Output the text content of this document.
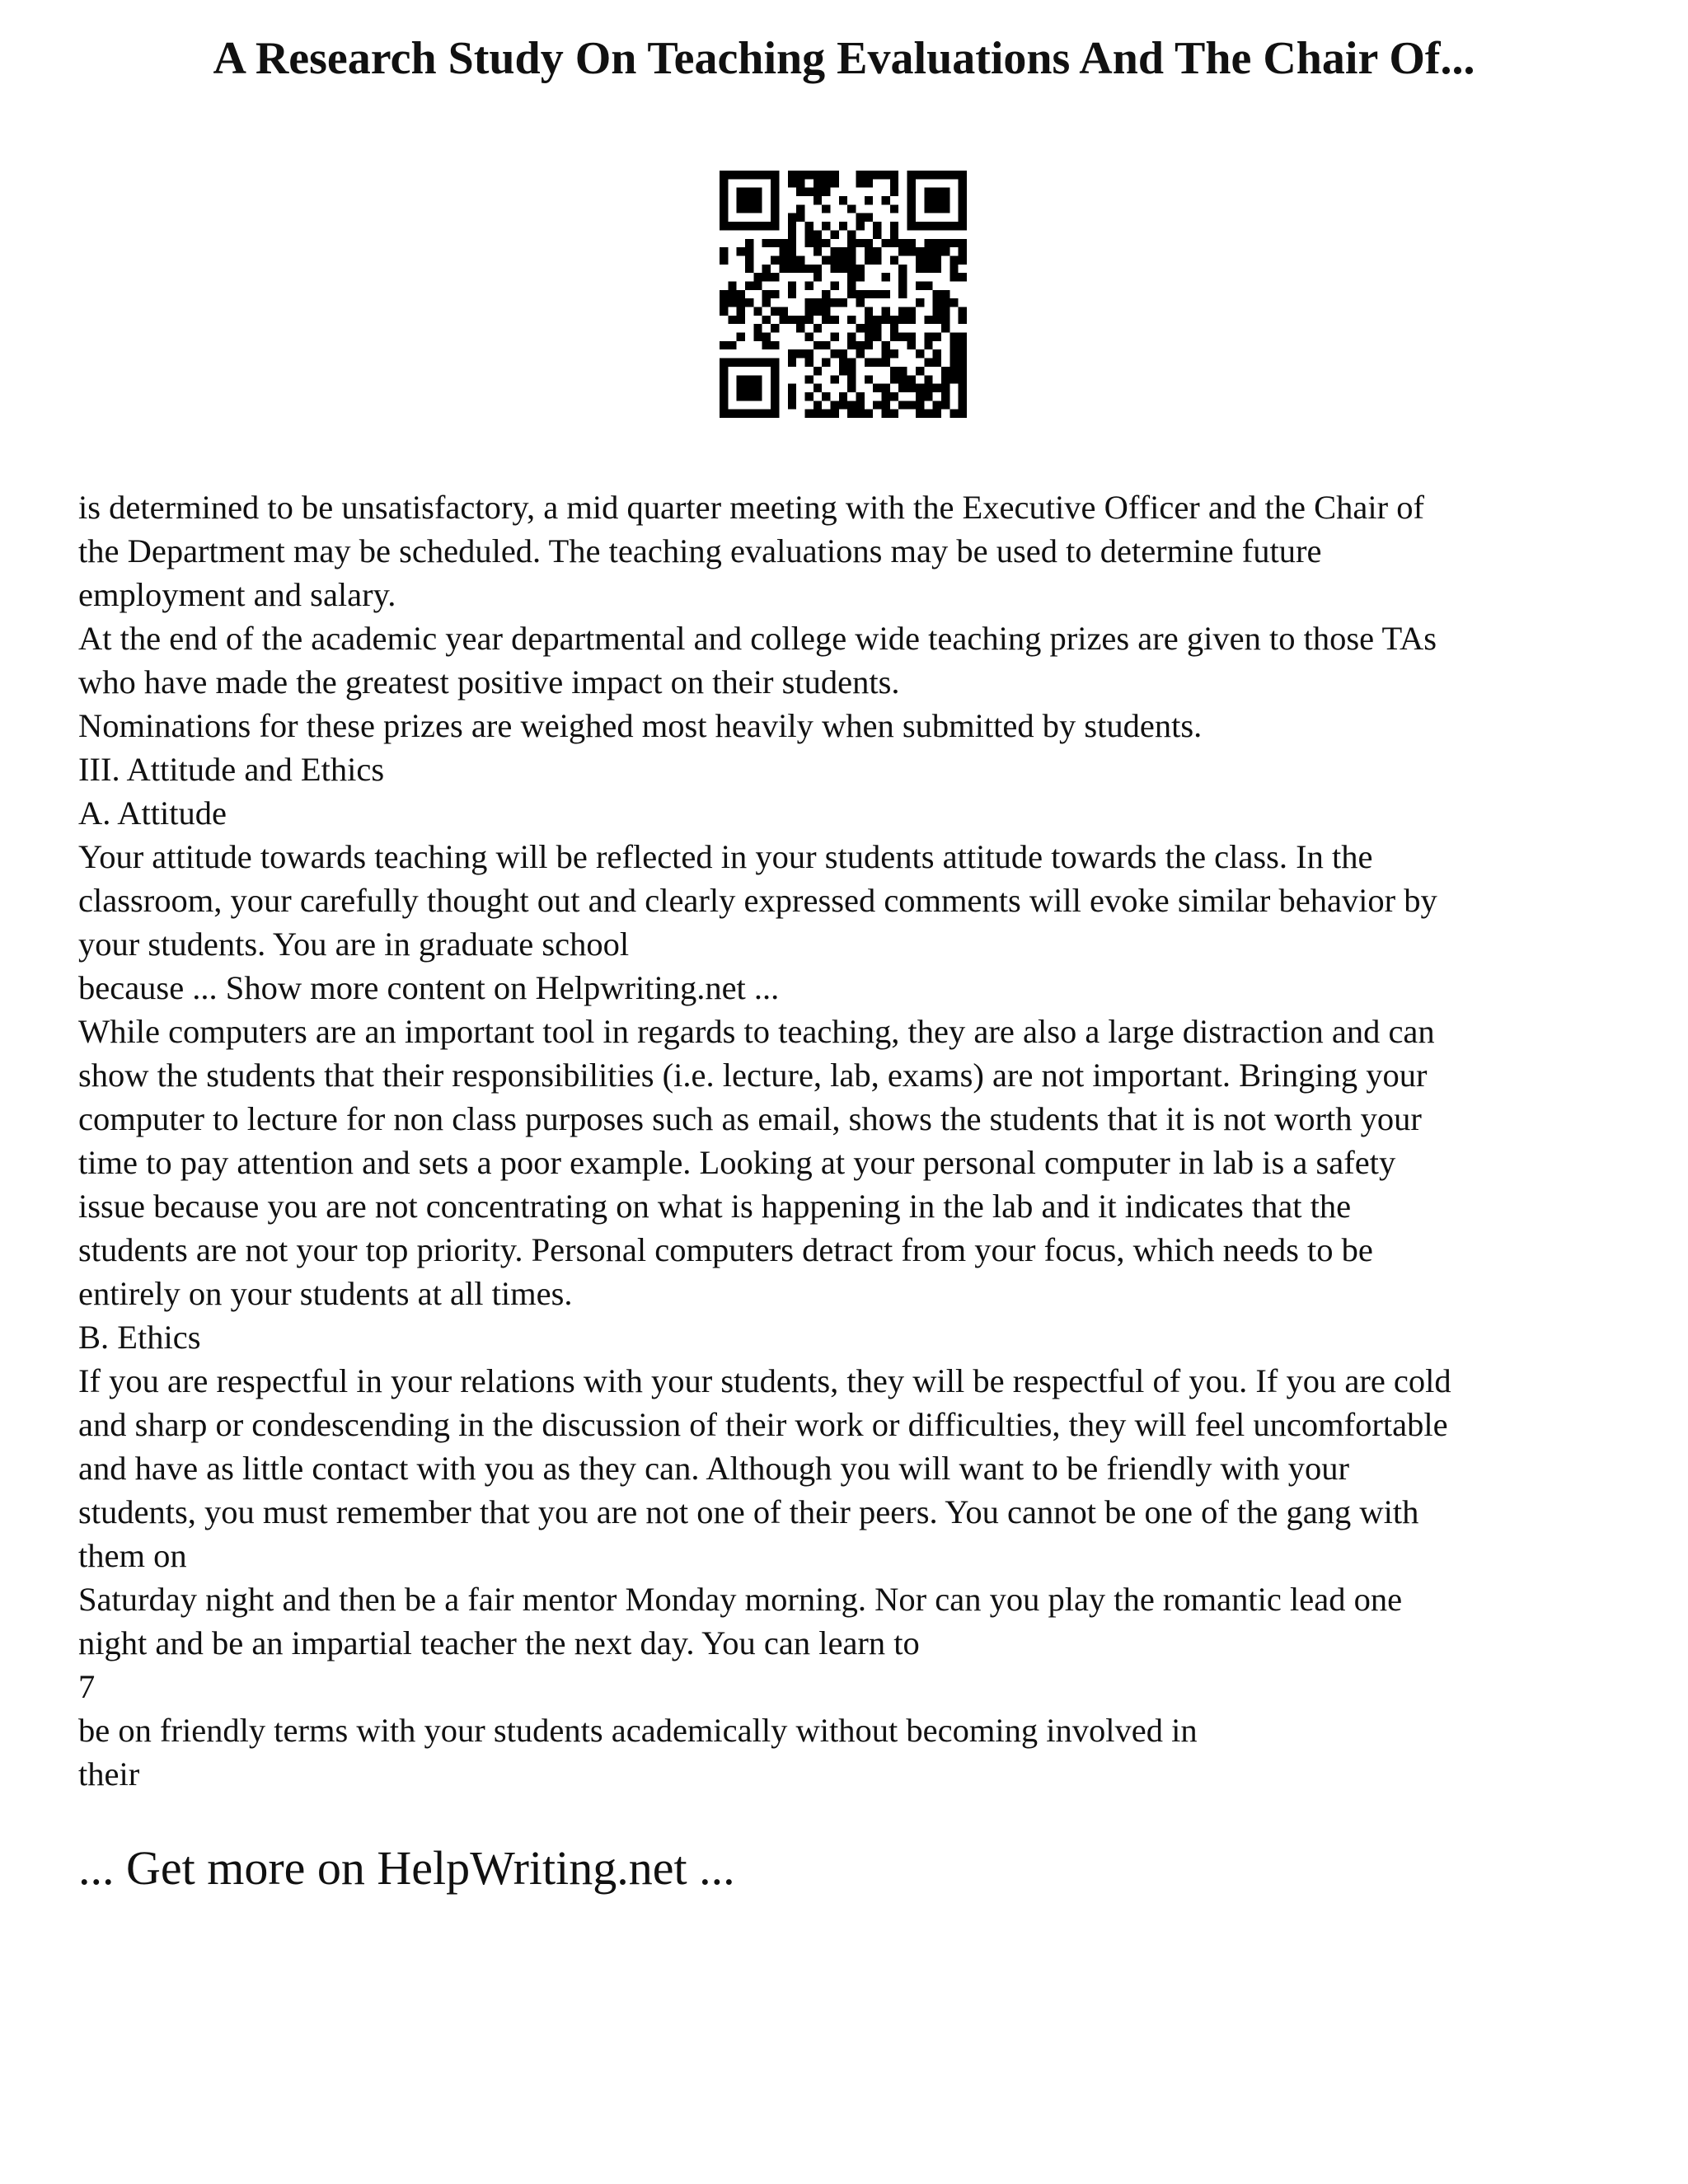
A Research Study On Teaching Evaluations And The Chair Of...
is determined to be unsatisfactory, a mid quarter meeting with the Executive Officer and the Chair of
the Department may be scheduled. The teaching evaluations may be used to determine future
employment and salary.
At the end of the academic year departmental and college wide teaching prizes are given to those TAs
who have made the greatest positive impact on their students.
Nominations for these prizes are weighed most heavily when submitted by students.
III. Attitude and Ethics
A. Attitude
Your attitude towards teaching will be reflected in your students attitude towards the class. In the
classroom, your carefully thought out and clearly expressed comments will evoke similar behavior by
your students. You are in graduate school
because ... Show more content on Helpwriting.net ...
While computers are an important tool in regards to teaching, they are also a large distraction and can
show the students that their responsibilities (i.e. lecture, lab, exams) are not important. Bringing your
computer to lecture for non class purposes such as email, shows the students that it is not worth your
time to pay attention and sets a poor example. Looking at your personal computer in lab is a safety
issue because you are not concentrating on what is happening in the lab and it indicates that the
students are not your top priority. Personal computers detract from your focus, which needs to be
entirely on your students at all times.
B. Ethics
If you are respectful in your relations with your students, they will be respectful of you. If you are cold
and sharp or condescending in the discussion of their work or difficulties, they will feel uncomfortable
and have as little contact with you as they can. Although you will want to be friendly with your
students, you must remember that you are not one of their peers. You cannot be one of the gang with
them on
Saturday night and then be a fair mentor Monday morning. Nor can you play the romantic lead one
night and be an impartial teacher the next day. You can learn to
7
be on friendly terms with your students academically without becoming involved in
their
... Get more on HelpWriting.net ...
